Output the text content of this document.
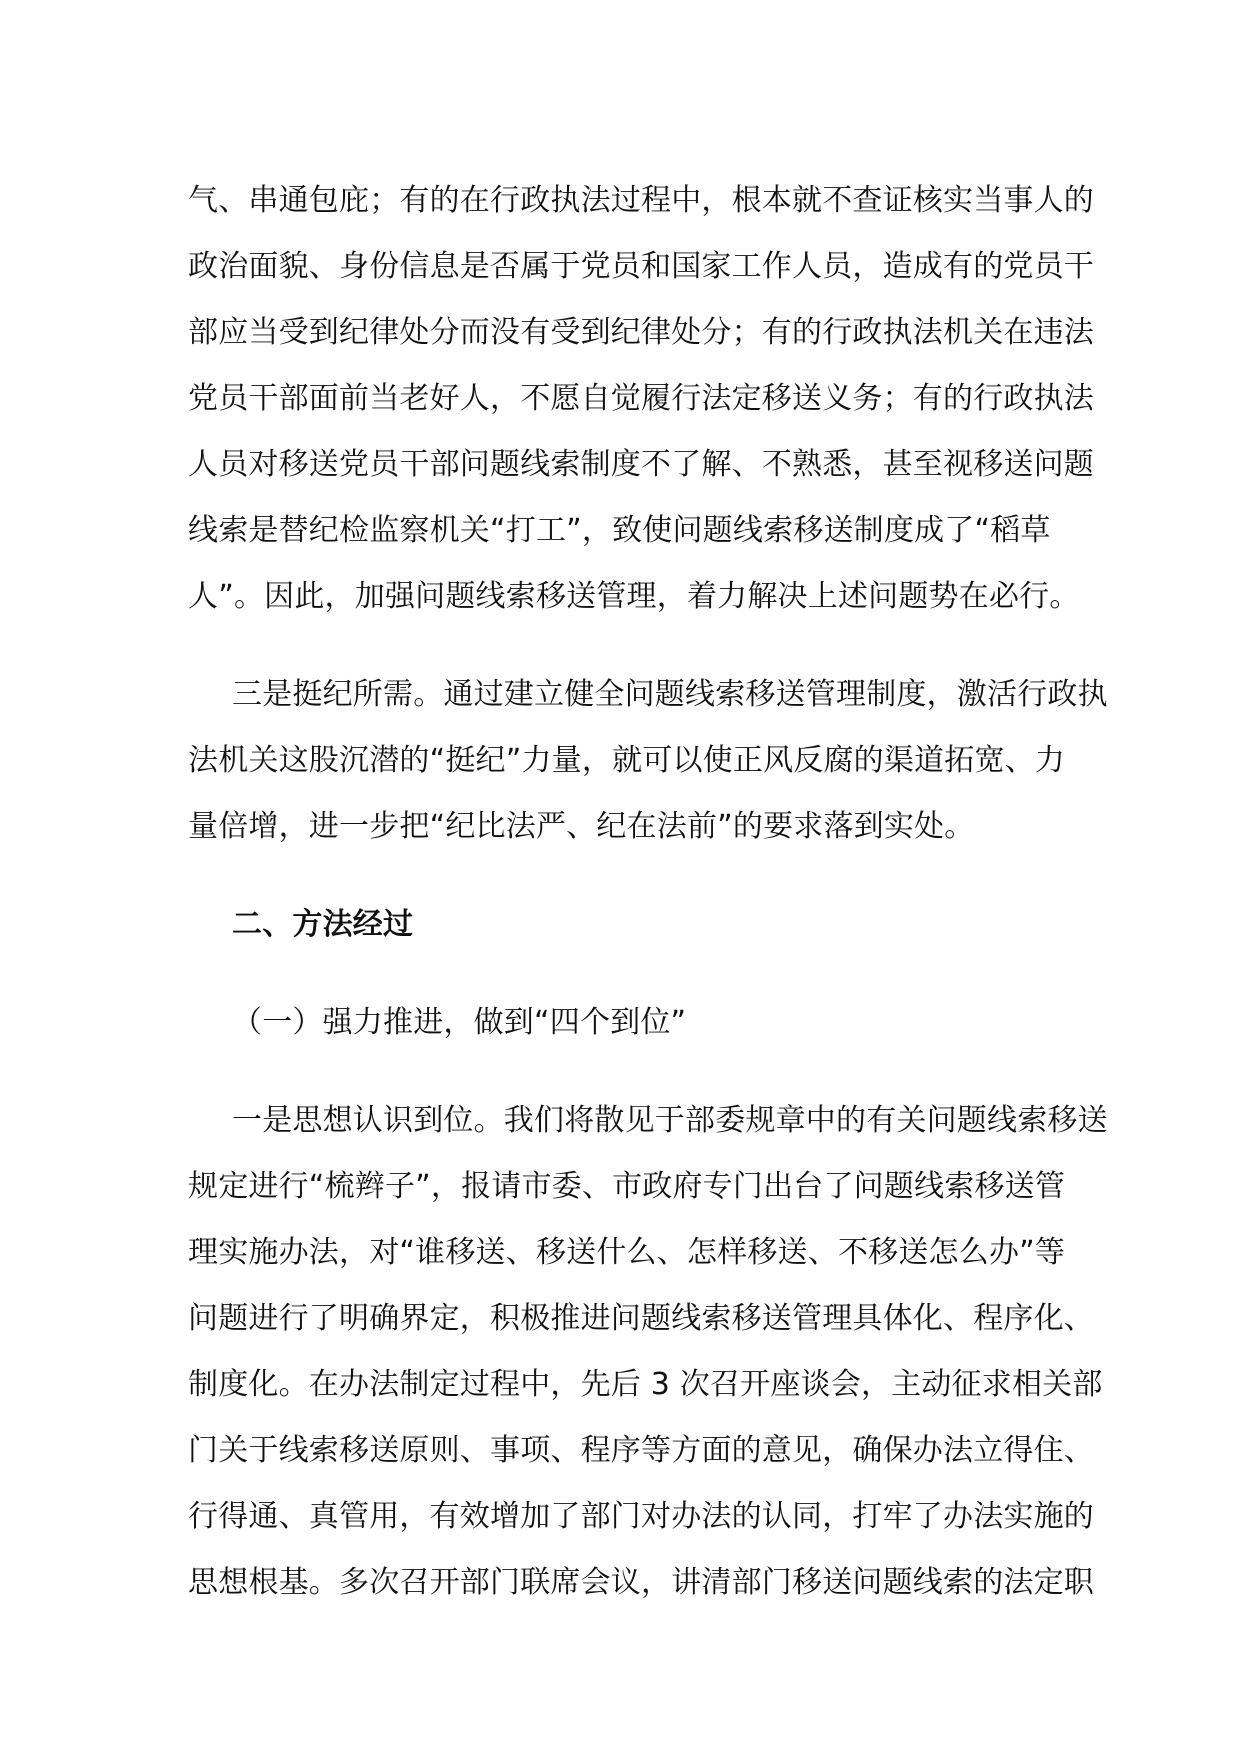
气、串通包庇；有的在行政执法过程中，根本就不查证核实当事人的
政治面貌、身份信息是否属于党员和国家工作人员，造成有的党员干
部应当受到纪律处分而没有受到纪律处分；有的行政执法机关在违法
党员干部面前当老好人，不愿自觉履行法定移送义务；有的行政执法
人员对移送党员干部问题线索制度不了解、不熟悉，甚至视移送问题
线索是替纪检监察机关“打工”，致使问题线索移送制度成了“稻草
人”。因此，加强问题线索移送管理，着力解决上述问题势在必行。
三是挺纪所需。通过建立健全问题线索移送管理制度，激活行政执
法机关这股沉潜的“挺纪”力量，就可以使正风反腐的渠道拓宽、力
量倍增，进一步把“纪比法严、纪在法前”的要求落到实处。
二、方法经过
（一）强力推进，做到“四个到位”
一是思想认识到位。我们将散见于部委规章中的有关问题线索移送
规定进行“梳辫子”，报请市委、市政府专门出台了问题线索移送管
理实施办法，对“谁移送、移送什么、怎样移送、不移送怎么办”等
问题进行了明确界定，积极推进问题线索移送管理具体化、程序化、
制度化。在办法制定过程中，先后 3 次召开座谈会，主动征求相关部
门关于线索移送原则、事项、程序等方面的意见，确保办法立得住、
行得通、真管用，有效增加了部门对办法的认同，打牢了办法实施的
思想根基。多次召开部门联席会议，讲清部门移送问题线索的法定职
